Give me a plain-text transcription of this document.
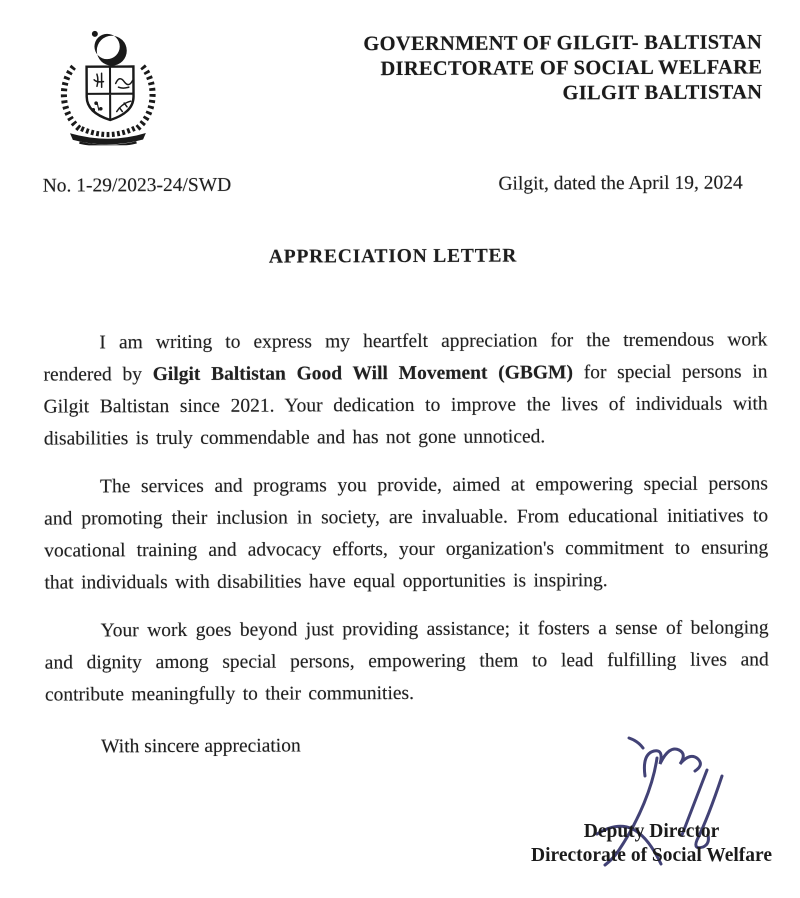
GOVERNMENT OF GILGIT- BALTISTAN
DIRECTORATE OF SOCIAL WELFARE
GILGIT BALTISTAN
No. 1-29/2023-24/SWD	Gilgit, dated the April 19, 2024
APPRECIATION LETTER

I am writing to express my heartfelt appreciation for the tremendous work rendered by Gilgit Baltistan Good Will Movement (GBGM) for special persons in Gilgit Baltistan since 2021. Your dedication to improve the lives of individuals with disabilities is truly commendable and has not gone unnoticed.

The services and programs you provide, aimed at empowering special persons and promoting their inclusion in society, are invaluable. From educational initiatives to vocational training and advocacy efforts, your organization's commitment to ensuring that individuals with disabilities have equal opportunities is inspiring.

Your work goes beyond just providing assistance; it fosters a sense of belonging and dignity among special persons, empowering them to lead fulfilling lives and contribute meaningfully to their communities.

With sincere appreciation

Deputy Director
Directorate of Social Welfare
